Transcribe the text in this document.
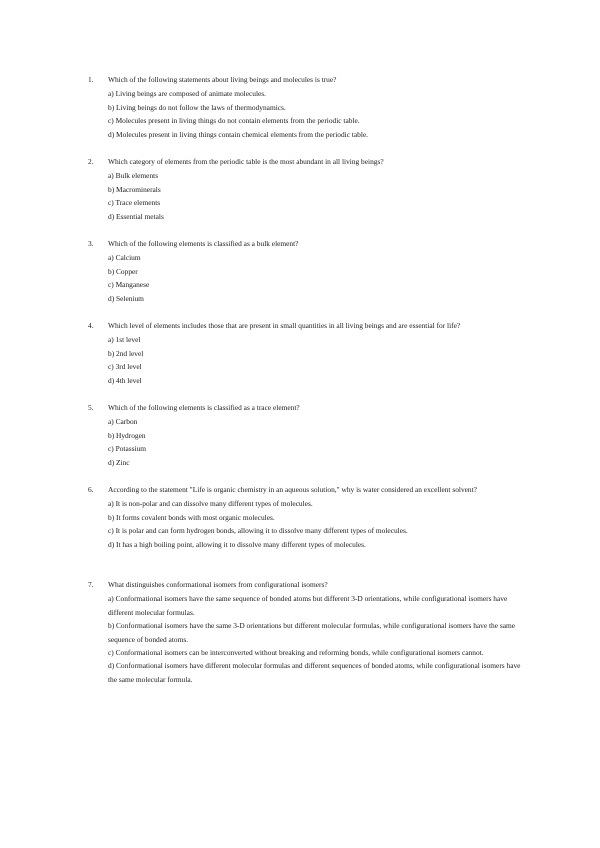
1.	Which of the following statements about living beings and molecules is true?
a) Living beings are composed of animate molecules.
b) Living beings do not follow the laws of thermodynamics.
c) Molecules present in living things do not contain elements from the periodic table.
d) Molecules present in living things contain chemical elements from the periodic table.
2.	Which category of elements from the periodic table is the most abundant in all living beings?
a) Bulk elements
b) Macrominerals
c) Trace elements
d) Essential metals
3.	Which of the following elements is classified as a bulk element?
a) Calcium
b) Copper
c) Manganese
d) Selenium
4.	Which level of elements includes those that are present in small quantities in all living beings and are essential for life?
a) 1st level
b) 2nd level
c) 3rd level
d) 4th level
5.	Which of the following elements is classified as a trace element?
a) Carbon
b) Hydrogen
c) Potassium
d) Zinc
6.	According to the statement "Life is organic chemistry in an aqueous solution," why is water considered an excellent solvent?
a) It is non-polar and can dissolve many different types of molecules.
b) It forms covalent bonds with most organic molecules.
c) It is polar and can form hydrogen bonds, allowing it to dissolve many different types of molecules.
d) It has a high boiling point, allowing it to dissolve many different types of molecules.
7.	What distinguishes conformational isomers from configurational isomers?
a) Conformational isomers have the same sequence of bonded atoms but different 3-D orientations, while configurational isomers have different molecular formulas.
b) Conformational isomers have the same 3-D orientations but different molecular formulas, while configurational isomers have the same sequence of bonded atoms.
c) Conformational isomers can be interconverted without breaking and reforming bonds, while configurational isomers cannot.
d) Conformational isomers have different molecular formulas and different sequences of bonded atoms, while configurational isomers have the same molecular formula.
